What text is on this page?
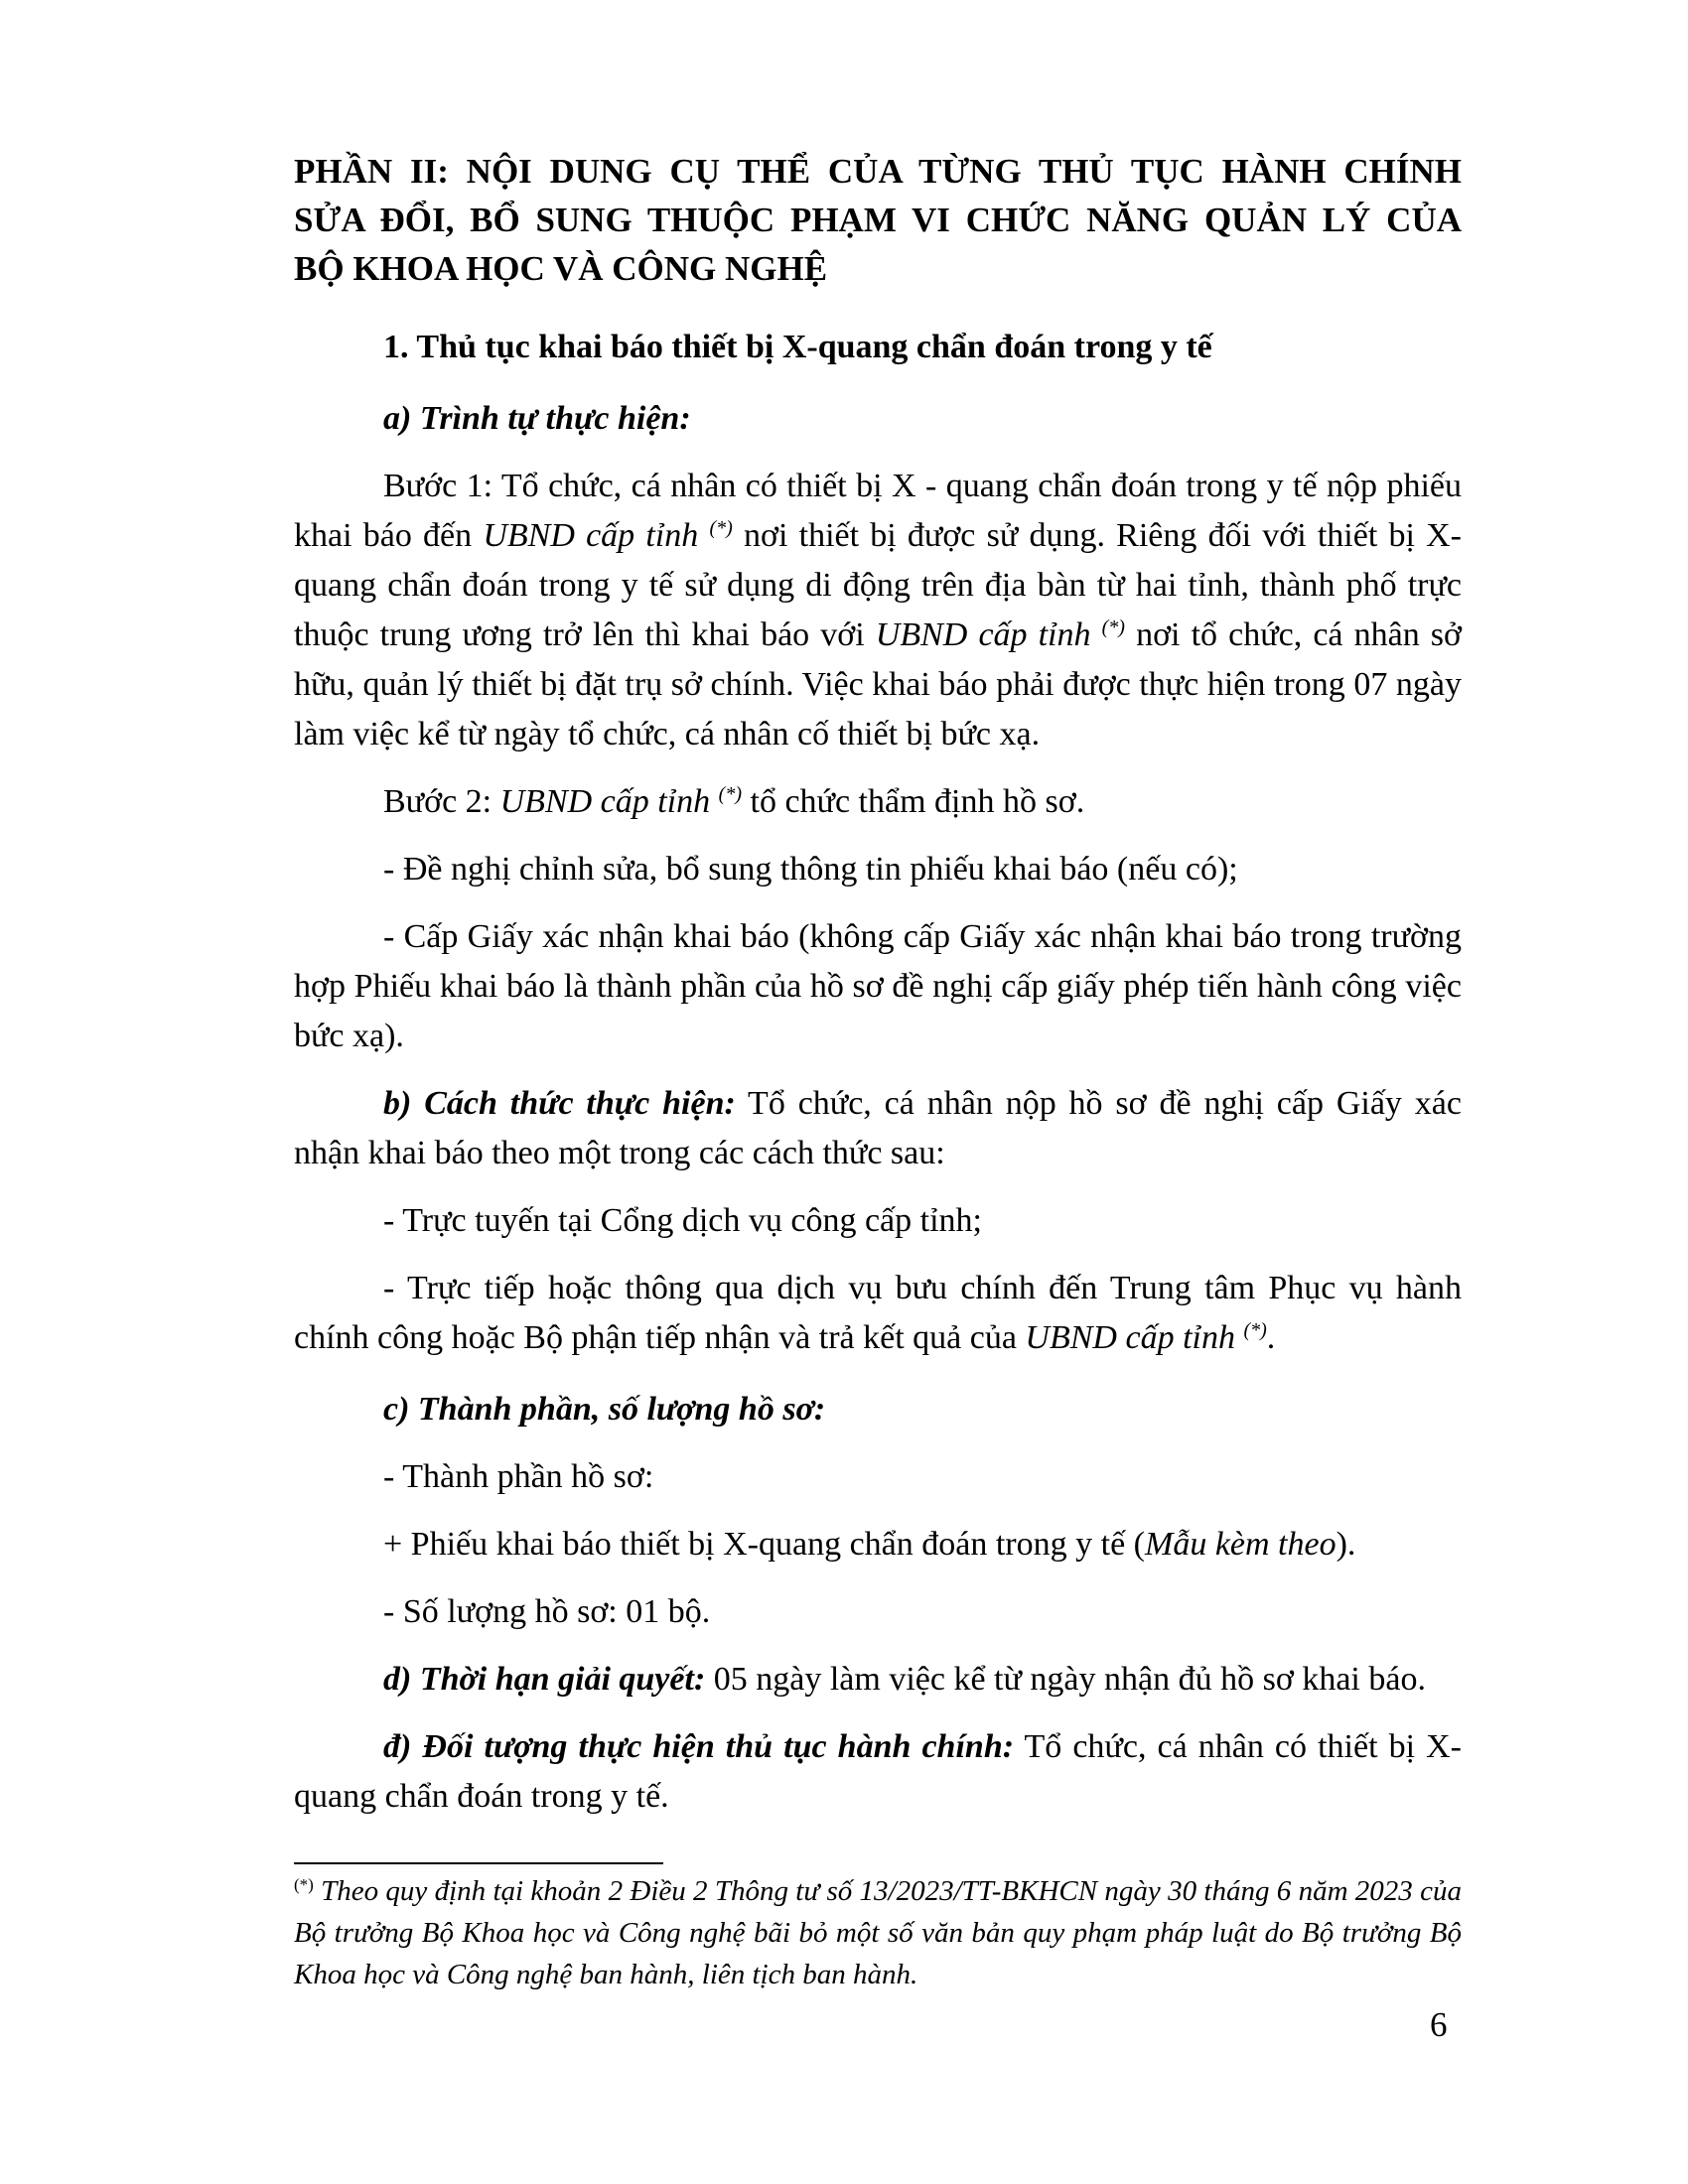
PHẦN II: NỘI DUNG CỤ THỂ CỦA TỪNG THỦ TỤC HÀNH CHÍNH
SỬA ĐỔI, BỔ SUNG THUỘC PHẠM VI CHỨC NĂNG QUẢN LÝ CỦA
BỘ KHOA HỌC VÀ CÔNG NGHỆ

1. Thủ tục khai báo thiết bị X-quang chẩn đoán trong y tế

a) Trình tự thực hiện:

Bước 1: Tổ chức, cá nhân có thiết bị X - quang chẩn đoán trong y tế nộp phiếu khai báo đến UBND cấp tỉnh (*) nơi thiết bị được sử dụng. Riêng đối với thiết bị X-quang chẩn đoán trong y tế sử dụng di động trên địa bàn từ hai tỉnh, thành phố trực thuộc trung ương trở lên thì khai báo với UBND cấp tỉnh (*) nơi tổ chức, cá nhân sở hữu, quản lý thiết bị đặt trụ sở chính. Việc khai báo phải được thực hiện trong 07 ngày làm việc kể từ ngày tổ chức, cá nhân cố thiết bị bức xạ.

Bước 2: UBND cấp tỉnh (*) tổ chức thẩm định hồ sơ.

- Đề nghị chỉnh sửa, bổ sung thông tin phiếu khai báo (nếu có);

- Cấp Giấy xác nhận khai báo (không cấp Giấy xác nhận khai báo trong trường hợp Phiếu khai báo là thành phần của hồ sơ đề nghị cấp giấy phép tiến hành công việc bức xạ).

b) Cách thức thực hiện: Tổ chức, cá nhân nộp hồ sơ đề nghị cấp Giấy xác nhận khai báo theo một trong các cách thức sau:

- Trực tuyến tại Cổng dịch vụ công cấp tỉnh;

- Trực tiếp hoặc thông qua dịch vụ bưu chính đến Trung tâm Phục vụ hành chính công hoặc Bộ phận tiếp nhận và trả kết quả của UBND cấp tỉnh (*).

c) Thành phần, số lượng hồ sơ:

- Thành phần hồ sơ:

+ Phiếu khai báo thiết bị X-quang chẩn đoán trong y tế (Mẫu kèm theo).

- Số lượng hồ sơ: 01 bộ.

d) Thời hạn giải quyết: 05 ngày làm việc kể từ ngày nhận đủ hồ sơ khai báo.

đ) Đối tượng thực hiện thủ tục hành chính: Tổ chức, cá nhân có thiết bị X-quang chẩn đoán trong y tế.

(*) Theo quy định tại khoản 2 Điều 2 Thông tư số 13/2023/TT-BKHCN ngày 30 tháng 6 năm 2023 của Bộ trưởng Bộ Khoa học và Công nghệ bãi bỏ một số văn bản quy phạm pháp luật do Bộ trưởng Bộ Khoa học và Công nghệ ban hành, liên tịch ban hành.

6
